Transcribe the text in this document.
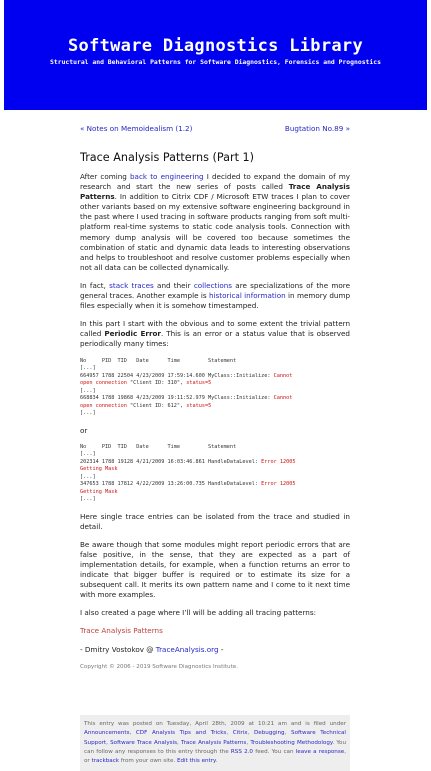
Software Diagnostics Library
Structural and Behavioral Patterns for Software Diagnostics, Forensics and Prognostics
« Notes on Memoidealism (1.2)	Bugtation No.89 »
Trace Analysis Patterns (Part 1)

After coming back to engineering I decided to expand the domain of my research and start the new series of posts called Trace Analysis Patterns. In addition to Citrix CDF / Microsoft ETW traces I plan to cover other variants based on my extensive software engineering background in the past where I used tracing in software products ranging from soft multi-platform real-time systems to static code analysis tools. Connection with memory dump analysis will be covered too because sometimes the combination of static and dynamic data leads to interesting observations and helps to troubleshoot and resolve customer problems especially when not all data can be collected dynamically.

In fact, stack traces and their collections are specializations of the more general traces. Another example is historical information in memory dump files especially when it is somehow timestamped.

In this part I start with the obvious and to some extent the trivial pattern called Periodic Error. This is an error or a status value that is observed periodically many times:

No     PID  TID   Date      Time         Statement
[...]
664957 1788 22504 4/23/2009 17:59:14.600 MyClass::Initialize: Cannot
open connection "Client ID: 310", status=5
[...]
668834 1788 19868 4/23/2009 19:11:52.979 MyClass::Initialize: Cannot
open connection "Client ID: 612", status=5
[...]

or

No     PID  TID   Date      Time         Statement
[...]
202314 1788 19128 4/21/2009 16:03:46.861 HandleDataLevel: Error 12005
Getting Mask
[...]
347653 1788 17812 4/22/2009 13:26:00.735 HandleDataLevel: Error 12005
Getting Mask
[...]

Here single trace entries can be isolated from the trace and studied in detail.

Be aware though that some modules might report periodic errors that are false positive, in the sense, that they are expected as a part of implementation details, for example, when a function returns an error to indicate that bigger buffer is required or to estimate its size for a subsequent call. It merits its own pattern name and I come to it next time with more examples.

I also created a page where I’ll will be adding all tracing patterns:

Trace Analysis Patterns

- Dmitry Vostokov @ TraceAnalysis.org -

Copyright © 2006 - 2019 Software Diagnostics Institute.

This entry was posted on Tuesday, April 28th, 2009 at 10:21 am and is filed under Announcements, CDF Analysis Tips and Tricks, Citrix, Debugging, Software Technical Support, Software Trace Analysis, Trace Analysis Patterns, Troubleshooting Methodology. You can follow any responses to this entry through the RSS 2.0 feed. You can leave a response, or trackback from your own site. Edit this entry.
